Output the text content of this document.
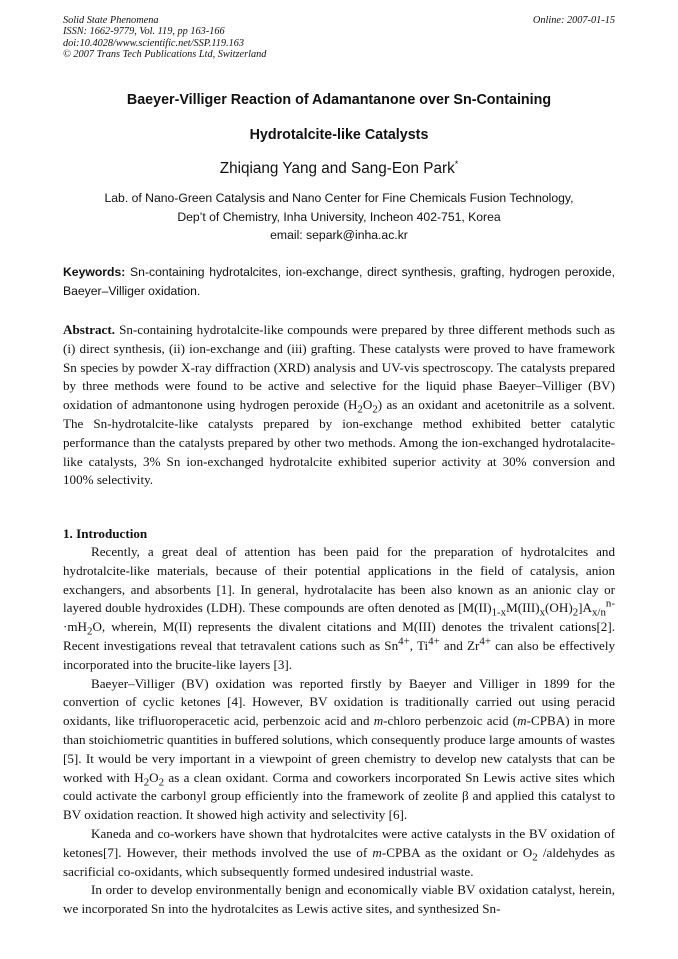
Solid State Phenomena
ISSN: 1662-9779, Vol. 119, pp 163-166
doi:10.4028/www.scientific.net/SSP.119.163
© 2007 Trans Tech Publications Ltd, Switzerland
Online: 2007-01-15
Baeyer-Villiger Reaction of Adamantanone over Sn-Containing
Hydrotalcite-like Catalysts
Zhiqiang Yang and Sang-Eon Park*
Lab. of Nano-Green Catalysis and Nano Center for Fine Chemicals Fusion Technology,
Dep’t of Chemistry, Inha University, Incheon 402-751, Korea
email: separk@inha.ac.kr
Keywords: Sn-containing hydrotalcites, ion-exchange, direct synthesis, grafting, hydrogen peroxide, Baeyer–Villiger oxidation.
Abstract. Sn-containing hydrotalcite-like compounds were prepared by three different methods such as (i) direct synthesis, (ii) ion-exchange and (iii) grafting. These catalysts were proved to have framework Sn species by powder X-ray diffraction (XRD) analysis and UV-vis spectroscopy. The catalysts prepared by three methods were found to be active and selective for the liquid phase Baeyer–Villiger (BV) oxidation of admantonone using hydrogen peroxide $(H_2O_2)$ as an oxidant and acetonitrile as a solvent. The Sn-hydrotalcite-like catalysts prepared by ion-exchange method exhibited better catalytic performance than the catalysts prepared by other two methods. Among the ion-exchanged hydrotalacite-like catalysts, 3% Sn ion-exchanged hydrotalcite exhibited superior activity at 30% conversion and 100% selectivity.
1. Introduction

Recently, a great deal of attention has been paid for the preparation of hydrotalcites and hydrotalcite-like materials, because of their potential applications in the field of catalysis, anion exchangers, and absorbents [1]. In general, hydrotalacite has been also known as an anionic clay or layered double hydroxides (LDH). These compounds are often denoted as $[M(II)_{1-x}M(III)_x(OH)_2]A_{x/n}^{n-}\cdot mH_2O$, wherein, M(II) represents the divalent citations and M(III) denotes the trivalent cations[2]. Recent investigations reveal that tetravalent cations such as $Sn^{4+}$, $Ti^{4+}$ and $Zr^{4+}$ can also be effectively incorporated into the brucite-like layers [3].

Baeyer–Villiger (BV) oxidation was reported firstly by Baeyer and Villiger in 1899 for the convertion of cyclic ketones [4]. However, BV oxidation is traditionally carried out using peracid oxidants, like trifluoroperacetic acid, perbenzoic acid and m-chloro perbenzoic acid (m-CPBA) in more than stoichiometric quantities in buffered solutions, which consequently produce large amounts of wastes [5]. It would be very important in a viewpoint of green chemistry to develop new catalysts that can be worked with $H_2O_2$ as a clean oxidant. Corma and coworkers incorporated Sn Lewis active sites which could activate the carbonyl group efficiently into the framework of zeolite β and applied this catalyst to BV oxidation reaction. It showed high activity and selectivity [6].

Kaneda and co-workers have shown that hydrotalcites were active catalysts in the BV oxidation of ketones[7]. However, their methods involved the use of m-CPBA as the oxidant or $O_2$ /aldehydes as sacrificial co-oxidants, which subsequently formed undesired industrial waste.

In order to develop environmentally benign and economically viable BV oxidation catalyst, herein, we incorporated Sn into the hydrotalcites as Lewis active sites, and synthesized Sn-
